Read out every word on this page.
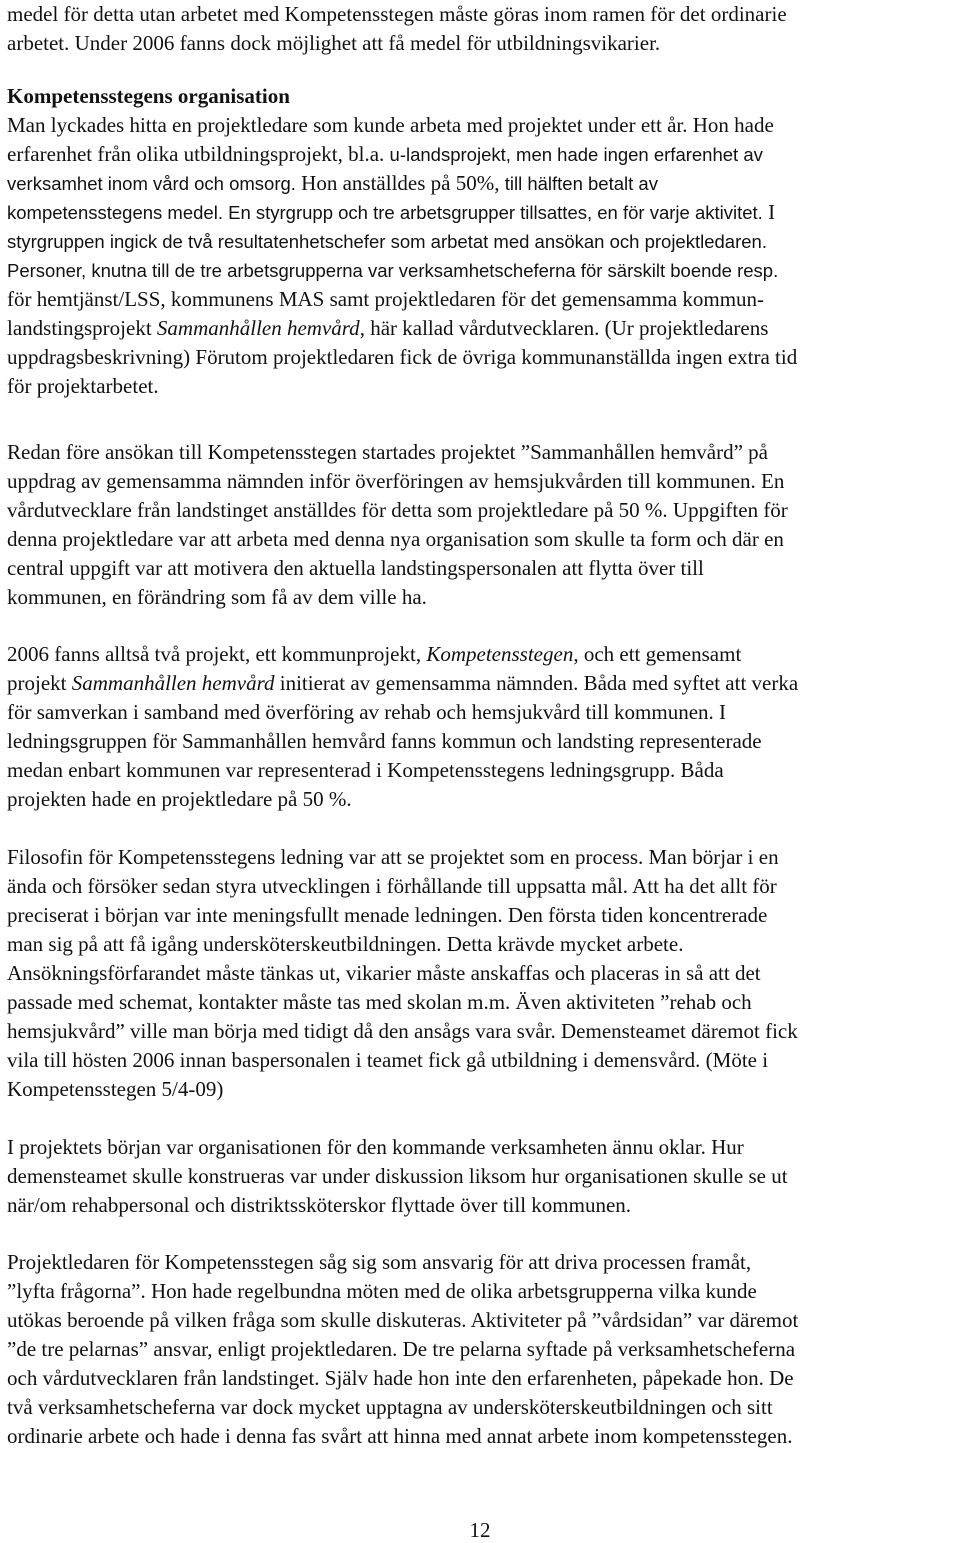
medel för detta utan arbetet med Kompetensstegen måste göras inom ramen för det ordinarie
arbetet. Under 2006 fanns dock möjlighet att få medel för utbildningsvikarier.
Kompetensstegens organisation
Man lyckades hitta en projektledare som kunde arbeta med projektet under ett år. Hon hade
erfarenhet från olika utbildningsprojekt, bl.a. u-landsprojekt, men hade ingen erfarenhet av
verksamhet inom vård och omsorg. Hon anställdes på 50%, till hälften betalt av
kompetensstegens medel. En styrgrupp och tre arbetsgrupper tillsattes, en för varje aktivitet. I
styrgruppen ingick de två resultatenhetschefer som arbetat med ansökan och projektledaren.
Personer, knutna till de tre arbetsgrupperna var verksamhetscheferna för särskilt boende resp.
för hemtjänst/LSS, kommunens MAS samt projektledaren för det gemensamma kommun-
landstingsprojekt Sammanhållen hemvård, här kallad vårdutvecklaren. (Ur projektledarens
uppdragsbeskrivning) Förutom projektledaren fick de övriga kommunanställda ingen extra tid
för projektarbetet.
Redan före ansökan till Kompetensstegen startades projektet ”Sammanhållen hemvård” på
uppdrag av gemensamma nämnden inför överföringen av hemsjukvården till kommunen. En
vårdutvecklare från landstinget anställdes för detta som projektledare på 50 %. Uppgiften för
denna projektledare var att arbeta med denna nya organisation som skulle ta form och där en
central uppgift var att motivera den aktuella landstingspersonalen att flytta över till
kommunen, en förändring som få av dem ville ha.
2006 fanns alltså två projekt, ett kommunprojekt, Kompetensstegen, och ett gemensamt
projekt Sammanhållen hemvård initierat av gemensamma nämnden. Båda med syftet att verka
för samverkan i samband med överföring av rehab och hemsjukvård till kommunen. I
ledningsgruppen för Sammanhållen hemvård fanns kommun och landsting representerade
medan enbart kommunen var representerad i Kompetensstegens ledningsgrupp. Båda
projekten hade en projektledare på 50 %.
Filosofin för Kompetensstegens ledning var att se projektet som en process. Man börjar i en
ända och försöker sedan styra utvecklingen i förhållande till uppsatta mål. Att ha det allt för
preciserat i början var inte meningsfullt menade ledningen. Den första tiden koncentrerade
man sig på att få igång undersköterskeutbildningen. Detta krävde mycket arbete.
Ansökningsförfarandet måste tänkas ut, vikarier måste anskaffas och placeras in så att det
passade med schemat, kontakter måste tas med skolan m.m. Även aktiviteten ”rehab och
hemsjukvård” ville man börja med tidigt då den ansågs vara svår. Demensteamet däremot fick
vila till hösten 2006 innan baspersonalen i teamet fick gå utbildning i demensvård. (Möte i
Kompetensstegen 5/4-09)
I projektets början var organisationen för den kommande verksamheten ännu oklar. Hur
demensteamet skulle konstrueras var under diskussion liksom hur organisationen skulle se ut
när/om rehabpersonal och distriktssköterskor flyttade över till kommunen.
Projektledaren för Kompetensstegen såg sig som ansvarig för att driva processen framåt,
”lyfta frågorna”. Hon hade regelbundna möten med de olika arbetsgrupperna vilka kunde
utökas beroende på vilken fråga som skulle diskuteras. Aktiviteter på ”vårdsidan” var däremot
”de tre pelarnas” ansvar, enligt projektledaren. De tre pelarna syftade på verksamhetscheferna
och vårdutvecklaren från landstinget. Själv hade hon inte den erfarenheten, påpekade hon. De
två verksamhetscheferna var dock mycket upptagna av undersköterskeutbildningen och sitt
ordinarie arbete och hade i denna fas svårt att hinna med annat arbete inom kompetensstegen.
12
